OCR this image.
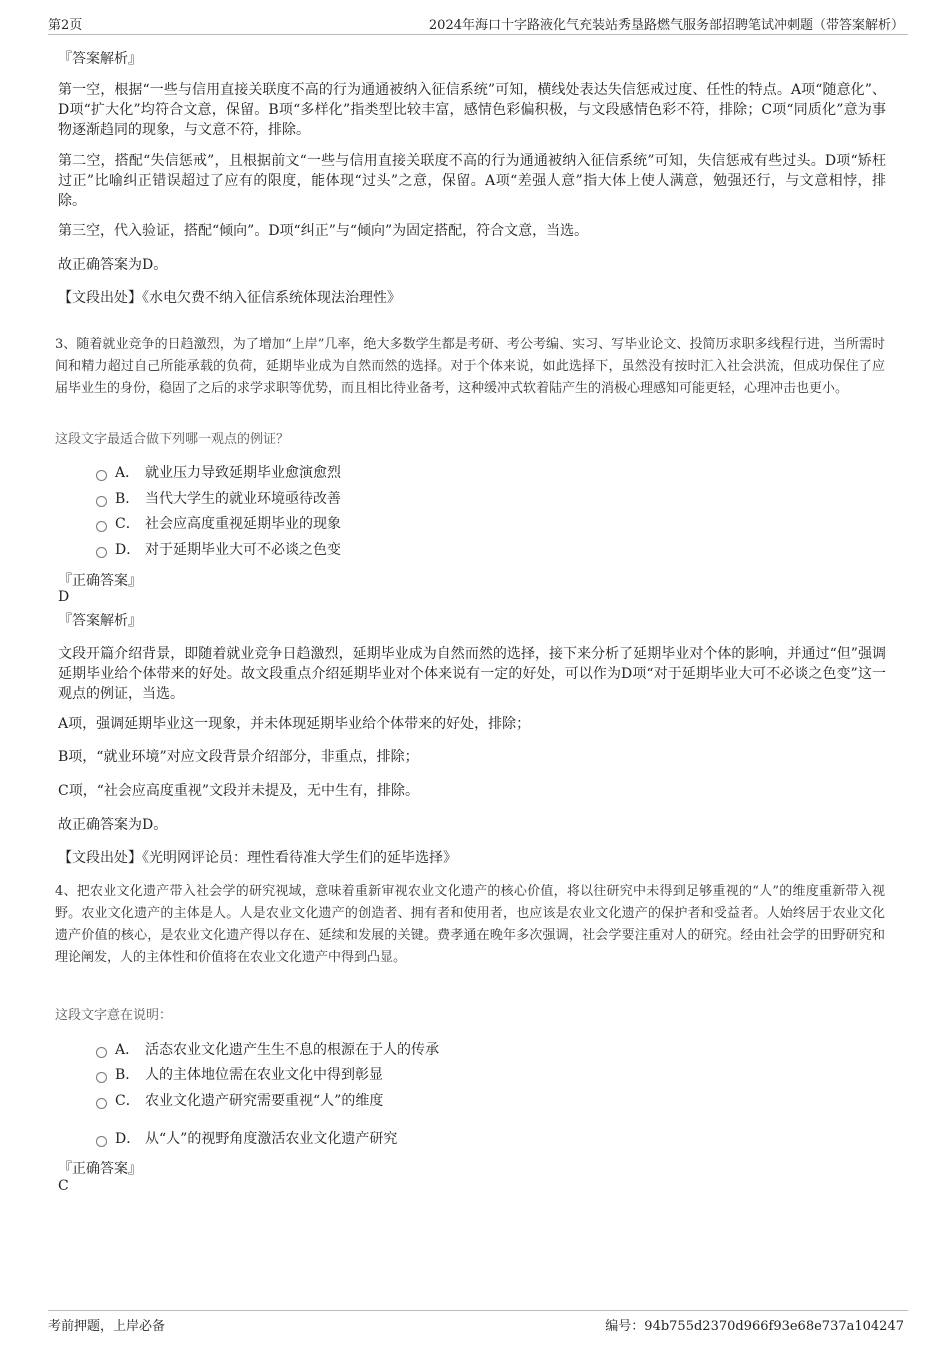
第2页	2024年海口十字路液化气充装站秀垦路燃气服务部招聘笔试冲刺题（带答案解析）
『答案解析』
第一空，根据“一些与信用直接关联度不高的行为通通被纳入征信系统”可知，横线处表达失信惩戒过度、任性的特点。A项“随意化”、D项“扩大化”均符合文意，保留。B项“多样化”指类型比较丰富，感情色彩偏积极，与文段感情色彩不符，排除；C项“同质化”意为事物逐渐趋同的现象，与文意不符，排除。
第二空，搭配“失信惩戒”，且根据前文“一些与信用直接关联度不高的行为通通被纳入征信系统”可知，失信惩戒有些过头。D项“矫枉过正”比喻纠正错误超过了应有的限度，能体现“过头”之意，保留。A项“差强人意”指大体上使人满意，勉强还行，与文意相悖，排除。
第三空，代入验证，搭配“倾向”。D项“纠正”与“倾向”为固定搭配，符合文意，当选。
故正确答案为D。
【文段出处】《水电欠费不纳入征信系统体现法治理性》
3、随着就业竞争的日趋激烈，为了增加“上岸”几率，绝大多数学生都是考研、考公考编、实习、写毕业论文、投简历求职多线程行进，当所需时间和精力超过自己所能承载的负荷，延期毕业成为自然而然的选择。对于个体来说，如此选择下，虽然没有按时汇入社会洪流，但成功保住了应届毕业生的身份，稳固了之后的求学求职等优势，而且相比待业备考，这种缓冲式软着陆产生的消极心理感知可能更轻，心理冲击也更小。
这段文字最适合做下列哪一观点的例证？
A． 就业压力导致延期毕业愈演愈烈
B． 当代大学生的就业环境亟待改善
C． 社会应高度重视延期毕业的现象
D． 对于延期毕业大可不必谈之色变
『正确答案』
D
『答案解析』
文段开篇介绍背景，即随着就业竞争日趋激烈，延期毕业成为自然而然的选择，接下来分析了延期毕业对个体的影响，并通过“但”强调延期毕业给个体带来的好处。故文段重点介绍延期毕业对个体来说有一定的好处，可以作为D项“对于延期毕业大可不必谈之色变”这一观点的例证，当选。
A项，强调延期毕业这一现象，并未体现延期毕业给个体带来的好处，排除；
B项，“就业环境”对应文段背景介绍部分，非重点，排除；
C项，“社会应高度重视”文段并未提及，无中生有，排除。
故正确答案为D。
【文段出处】《光明网评论员：理性看待准大学生们的延毕选择》
4、把农业文化遗产带入社会学的研究视域，意味着重新审视农业文化遗产的核心价值，将以往研究中未得到足够重视的“人”的维度重新带入视野。农业文化遗产的主体是人。人是农业文化遗产的创造者、拥有者和使用者，也应该是农业文化遗产的保护者和受益者。人始终居于农业文化遗产价值的核心，是农业文化遗产得以存在、延续和发展的关键。费孝通在晚年多次强调，社会学要注重对人的研究。经由社会学的田野研究和理论阐发，人的主体性和价值将在农业文化遗产中得到凸显。
这段文字意在说明：
A． 活态农业文化遗产生生不息的根源在于人的传承
B． 人的主体地位需在农业文化中得到彰显
C． 农业文化遗产研究需要重视“人”的维度
D． 从“人”的视野角度激活农业文化遗产研究
『正确答案』
C
考前押题，上岸必备	编号：94b755d2370d966f93e68e737a104247
